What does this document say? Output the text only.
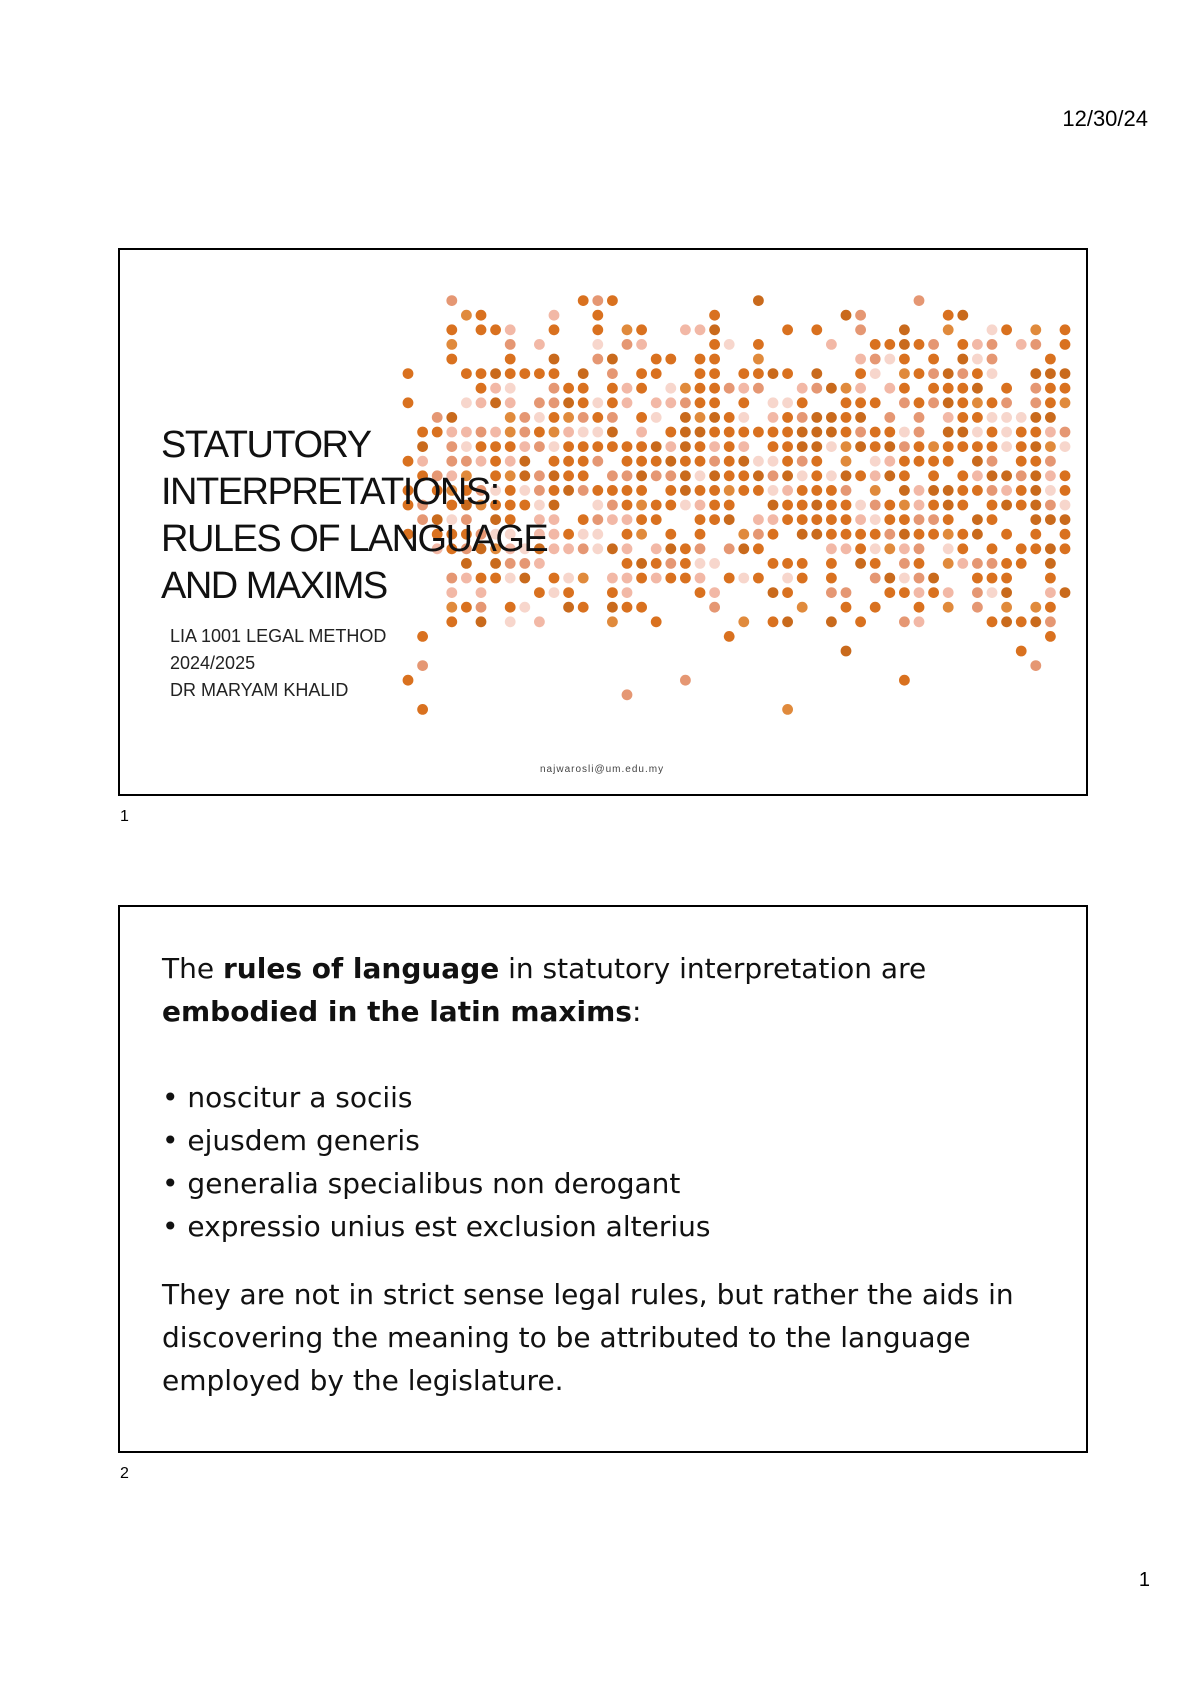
12/30/24
STATUTORY
INTERPRETATIONS:
RULES OF LANGUAGE
AND MAXIMS
LIA 1001 LEGAL METHOD
2024/2025
DR MARYAM KHALID
najwarosli@um.edu.my
1

The rules of language in statutory interpretation are

embodied in the latin maxims:

• noscitur a sociis
• ejusdem generis
• generalia specialibus non derogant
• expressio unius est exclusion alterius

They are not in strict sense legal rules, but rather the aids in discovering the meaning to be attributed to the language employed by the legislature.

2
1
